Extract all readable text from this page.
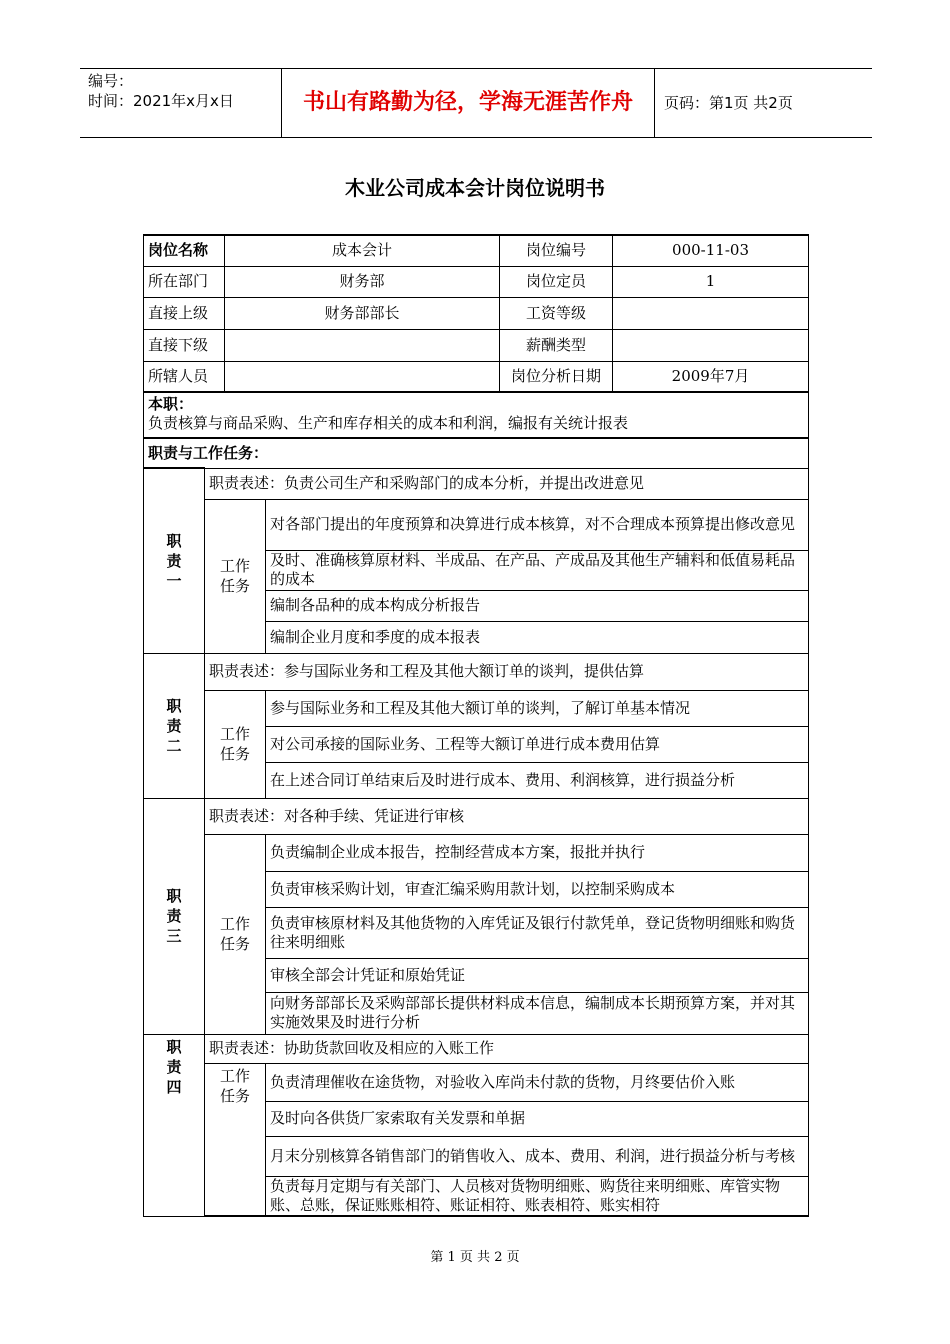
编号：
时间：2021年x月x日	书山有路勤为径，学海无涯苦作舟	页码：第1页 共2页
木业公司成本会计岗位说明书
岗位名称		成本会计		岗位编号	000-11-03
所在部门		财务部		岗位定员	1
直接上级		财务部部长		工资等级	
直接下级				薪酬类型	
所辖人员				岗位分析日期	2009年7月

本职：
负责核算与商品采购、生产和库存相关的成本和利润，编报有关统计报表					

职责与工作任务：					

职责一	职责表述：负责公司生产和采购部门的成本分析，并提出改进意见				

	工作任务		对各部门提出的年度预算和决算进行成本核算，对不合理成本预算提出修改意见		
			及时、准确核算原材料、半成品、在产品、产成品及其他生产辅料和低值易耗品的成本		
			编制各品种的成本构成分析报告		
			编制企业月度和季度的成本报表		

职责二	职责表述：参与国际业务和工程及其他大额订单的谈判，提供估算				

	工作任务		参与国际业务和工程及其他大额订单的谈判，了解订单基本情况		
			对公司承接的国际业务、工程等大额订单进行成本费用估算		
			在上述合同订单结束后及时进行成本、费用、利润核算，进行损益分析		

职责三	职责表述：对各种手续、凭证进行审核				

	工作任务		负责编制企业成本报告，控制经营成本方案，报批并执行		
			负责审核采购计划，审查汇编采购用款计划，以控制采购成本		
			负责审核原材料及其他货物的入库凭证及银行付款凭单，登记货物明细账和购货往来明细账		
			审核全部会计凭证和原始凭证		
			向财务部部长及采购部部长提供材料成本信息，编制成本长期预算方案，并对其实施效果及时进行分析		

职责四	职责表述：协助货款回收及相应的入账工作				

	工作任务		负责清理催收在途货物，对验收入库尚未付款的货物，月终要估价入账		
			及时向各供货厂家索取有关发票和单据		
			月末分别核算各销售部门的销售收入、成本、费用、利润，进行损益分析与考核		
			负责每月定期与有关部门、人员核对货物明细账、购货往来明细账、库管实物账、总账，保证账账相符、账证相符、账表相符、账实相符		
第 1 页 共 2 页
